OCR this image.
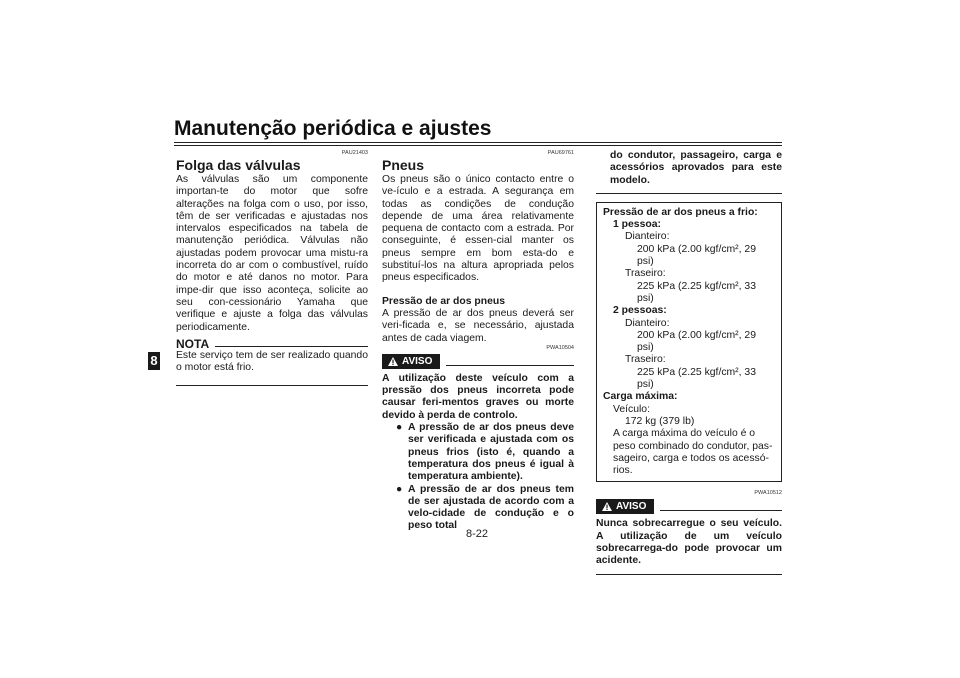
Manutenção periódica e ajustes
8
PAU21403
Folga das válvulas

As válvulas são um componente importan-te do motor que sofre alterações na folga com o uso, por isso, têm de ser verificadas e ajustadas nos intervalos especificados na tabela de manutenção periódica. Válvulas não ajustadas podem provocar uma mistu-ra incorreta do ar com o combustível, ruído do motor e até danos no motor. Para impe-dir que isso aconteça, solicite ao seu con-cessionário Yamaha que verifique e ajuste a folga das válvulas periodicamente.

NOTA

Este serviço tem de ser realizado quando o motor está frio.

PAU69761
Pneus

Os pneus são o único contacto entre o ve-ículo e a estrada. A segurança em todas as condições de condução depende de uma área relativamente pequena de contacto com a estrada. Por conseguinte, é essen-cial manter os pneus sempre em bom esta-do e substituí-los na altura apropriada pelos pneus especificados.

Pressão de ar dos pneus

A pressão de ar dos pneus deverá ser veri-ficada e, se necessário, ajustada antes de cada viagem.

PWA10504
AVISO

A utilização deste veículo com a pressão dos pneus incorreta pode causar feri-mentos graves ou morte devido à perda de controlo.

● A pressão de ar dos pneus deve ser verificada e ajustada com os pneus frios (isto é, quando a temperatura dos pneus é igual à temperatura ambiente).
● A pressão de ar dos pneus tem de ser ajustada de acordo com a velo-cidade de condução e o peso total

do condutor, passageiro, carga e acessórios aprovados para este modelo.

Pressão de ar dos pneus a frio:
1 pessoa:
Dianteiro:
200 kPa (2.00 kgf/cm², 29 psi)
Traseiro:
225 kPa (2.25 kgf/cm², 33 psi)
2 pessoas:
Dianteiro:
200 kPa (2.00 kgf/cm², 29 psi)
Traseiro:
225 kPa (2.25 kgf/cm², 33 psi)
Carga máxima:
Veículo:
172 kg (379 lb)
A carga máxima do veículo é o peso combinado do condutor, pas-sageiro, carga e todos os acessó-rios.
PWA10512
AVISO

Nunca sobrecarregue o seu veículo. A utilização de um veículo sobrecarrega-do pode provocar um acidente.

8-22
